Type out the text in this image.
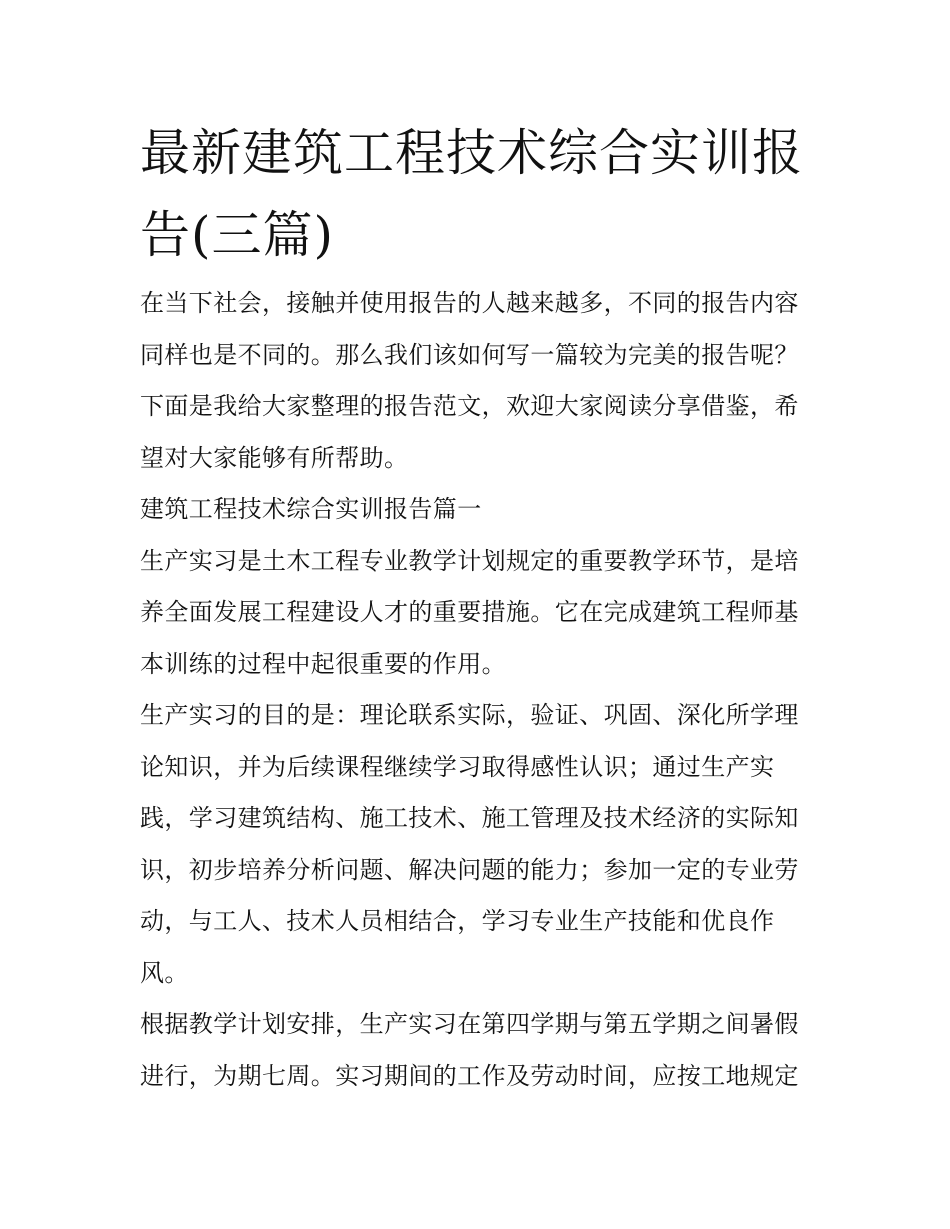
最新建筑工程技术综合实训报告(三篇)

在当下社会，接触并使用报告的人越来越多，不同的报告内容同样也是不同的。那么我们该如何写一篇较为完美的报告呢？下面是我给大家整理的报告范文，欢迎大家阅读分享借鉴，希望对大家能够有所帮助。

建筑工程技术综合实训报告篇一

生产实习是土木工程专业教学计划规定的重要教学环节，是培养全面发展工程建设人才的重要措施。它在完成建筑工程师基本训练的过程中起很重要的作用。

生产实习的目的是：理论联系实际，验证、巩固、深化所学理论知识，并为后续课程继续学习取得感性认识；通过生产实践，学习建筑结构、施工技术、施工管理及技术经济的实际知识，初步培养分析问题、解决问题的能力；参加一定的专业劳动，与工人、技术人员相结合，学习专业生产技能和优良作风。

根据教学计划安排，生产实习在第四学期与第五学期之间暑假进行，为期七周。实习期间的工作及劳动时间，应按工地规定
